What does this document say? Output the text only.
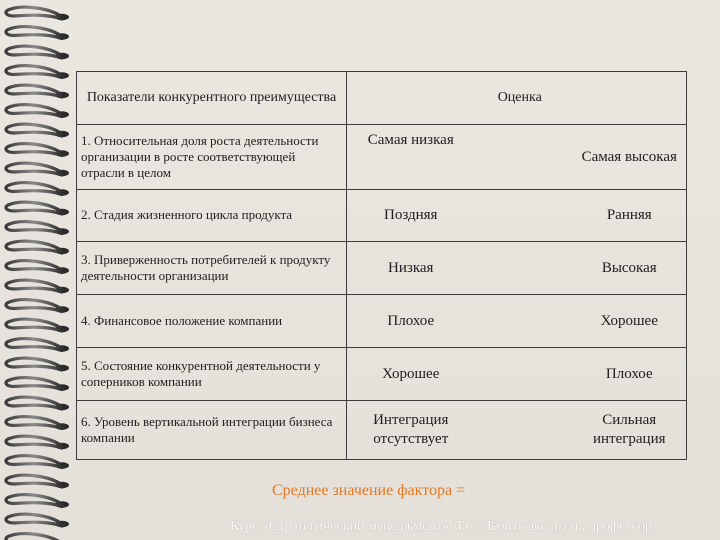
Показатели конкурентного преимущества	Оценка		
1. Относительная доля роста деятельности организации в росте соответствующей отрасли в целом	Самая низкая		Самая высокая
2. Стадия жизненного цикла продукта	Поздняя		Ранняя
3. Приверженность потребителей к продукту деятельности организации	Низкая		Высокая
4. Финансовое положение компании	Плохое		Хорошее
5. Состояние конкурентной деятельности у соперников компании	Хорошее		Плохое
6. Уровень вертикальной интеграции бизнеса компании	Интеграция отсутствует		Сильная интеграция
Среднее значение фактора =
Курс «Стратегический менеджмент» Л.С. Леонтьева, д.э.н., профессор
